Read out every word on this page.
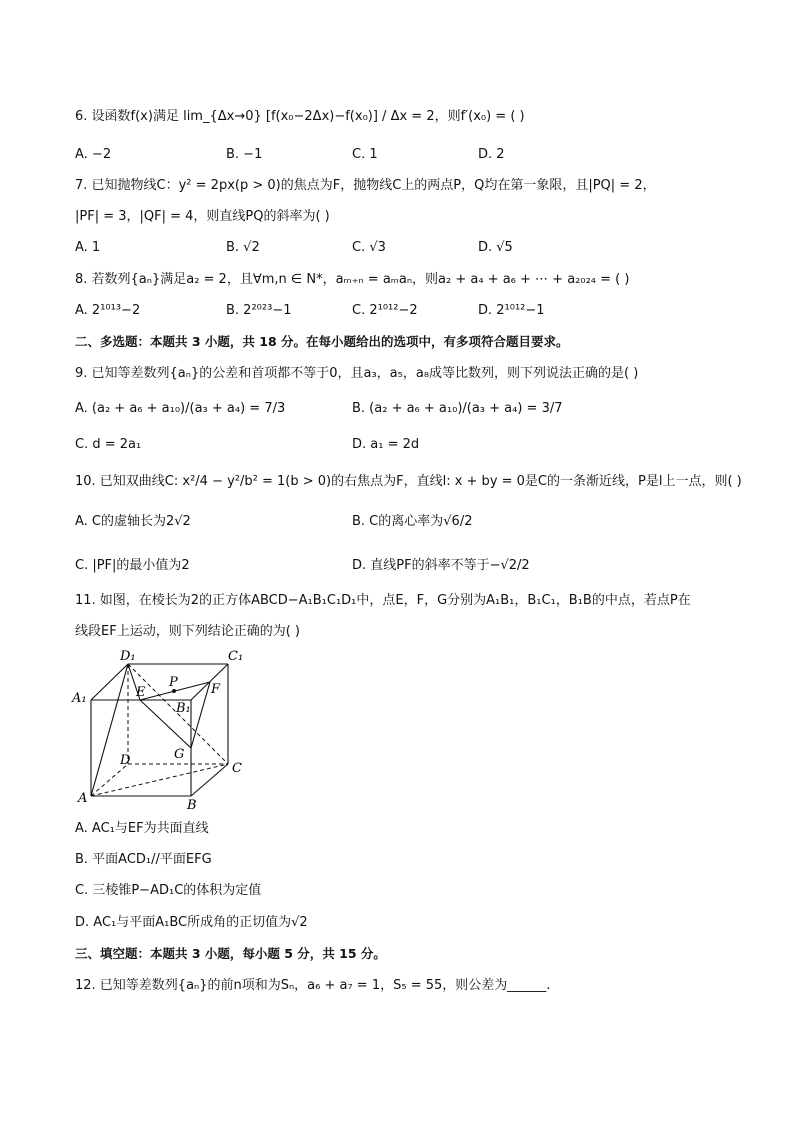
6. 设函数f(x)满足 lim_{Δx→0} [f(x₀−2Δx)−f(x₀)] / Δx = 2，则f′(x₀) = ( )
A. −2	B. −1	C. 1	D. 2
7. 已知抛物线C：y² = 2px(p > 0)的焦点为F，抛物线C上的两点P，Q均在第一象限，且|PQ| = 2，
|PF| = 3，|QF| = 4，则直线PQ的斜率为( )
A. 1	B. √2	C. √3	D. √5
8. 若数列{aₙ}满足a₂ = 2，且∀m,n ∈ N*，aₘ₊ₙ = aₘaₙ，则a₂ + a₄ + a₆ + ⋯ + a₂₀₂₄ = ( )
A. 2¹⁰¹³−2	B. 2²⁰²³−1	C. 2¹⁰¹²−2	D. 2¹⁰¹²−1
二、多选题：本题共 3 小题，共 18 分。在每小题给出的选项中，有多项符合题目要求。
9. 已知等差数列{aₙ}的公差和首项都不等于0，且a₃，a₅，a₈成等比数列，则下列说法正确的是( )
A. (a₂ + a₆ + a₁₀)/(a₃ + a₄) = 7/3	B. (a₂ + a₆ + a₁₀)/(a₃ + a₄) = 3/7
C. d = 2a₁	D. a₁ = 2d
10. 已知双曲线C: x²/4 − y²/b² = 1(b > 0)的右焦点为F，直线l: x + by = 0是C的一条渐近线，P是l上一点，则( )
A. C的虚轴长为2√2	B. C的离心率为√6/2
C. |PF|的最小值为2	D. 直线PF的斜率不等于−√2/2
11. 如图，在棱长为2的正方体ABCD−A₁B₁C₁D₁中，点E，F，G分别为A₁B₁，B₁C₁，B₁B的中点，若点P在
线段EF上运动，则下列结论正确的为( )
D₁	C₁
A₁	E
P	F
B₁
G
D
C
A	B
A. AC₁与EF为共面直线
B. 平面ACD₁//平面EFG
C. 三棱锥P−AD₁C的体积为定值
D. AC₁与平面A₁BC所成角的正切值为√2
三、填空题：本题共 3 小题，每小题 5 分，共 15 分。
12. 已知等差数列{aₙ}的前n项和为Sₙ，a₆ + a₇ = 1，S₅ = 55，则公差为______.
